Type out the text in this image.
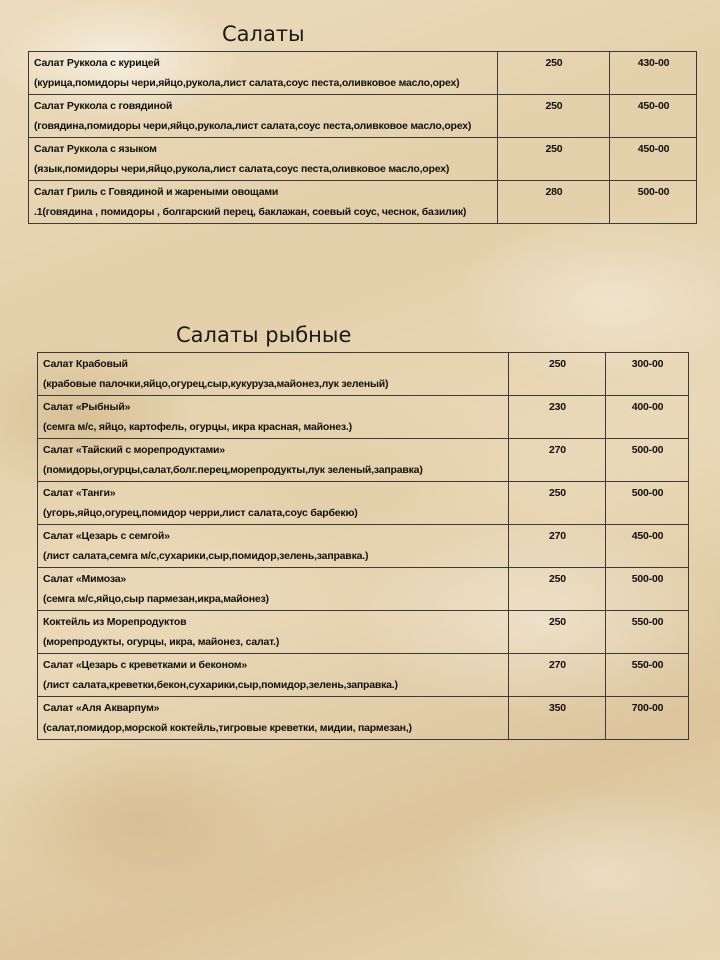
Салаты
Салат Руккола с курицей
(курица,помидоры чери,яйцо,рукола,лист салата,соус песта,оливковое масло,орех)	250	430-00

Салат Руккола с говядиной
(говядина,помидоры чери,яйцо,рукола,лист салата,соус песта,оливковое масло,орех)	250	450-00

Салат Руккола с языком
(язык,помидоры чери,яйцо,рукола,лист салата,соус песта,оливковое масло,орех)	250	450-00

Салат Гриль с Говядиной и жареными овощами
.1(говядина , помидоры , болгарский перец, баклажан, соевый соус, чеснок, базилик)	280	500-00
Салаты рыбные
Салат Крабовый
(крабовые палочки,яйцо,огурец,сыр,кукуруза,майонез,лук зеленый)	250	300-00

Салат «Рыбный»
(семга м/с, яйцо, картофель, огурцы, икра красная, майонез.)	230	400-00

Салат «Тайский с морепродуктами»
(помидоры,огурцы,салат,болг.перец,морепродукты,лук зеленый,заправка)	270	500-00

Салат «Танги»
(угорь,яйцо,огурец,помидор черри,лист салата,соус барбекю)	250	500-00

Салат «Цезарь с семгой»
(лист салата,семга м/с,сухарики,сыр,помидор,зелень,заправка.)	270	450-00

Салат «Мимоза»
(семга м/с,яйцо,сыр пармезан,икра,майонез)	250	500-00

Коктейль из Морепродуктов
(морепродукты, огурцы, икра, майонез, салат.)	250	550-00

Салат «Цезарь с креветками и беконом»
(лист салата,креветки,бекон,сухарики,сыр,помидор,зелень,заправка.)	270	550-00

Салат «Аля Акварпум»
(салат,помидор,морской коктейль,тигровые креветки, мидии, пармезан,)	350	700-00
